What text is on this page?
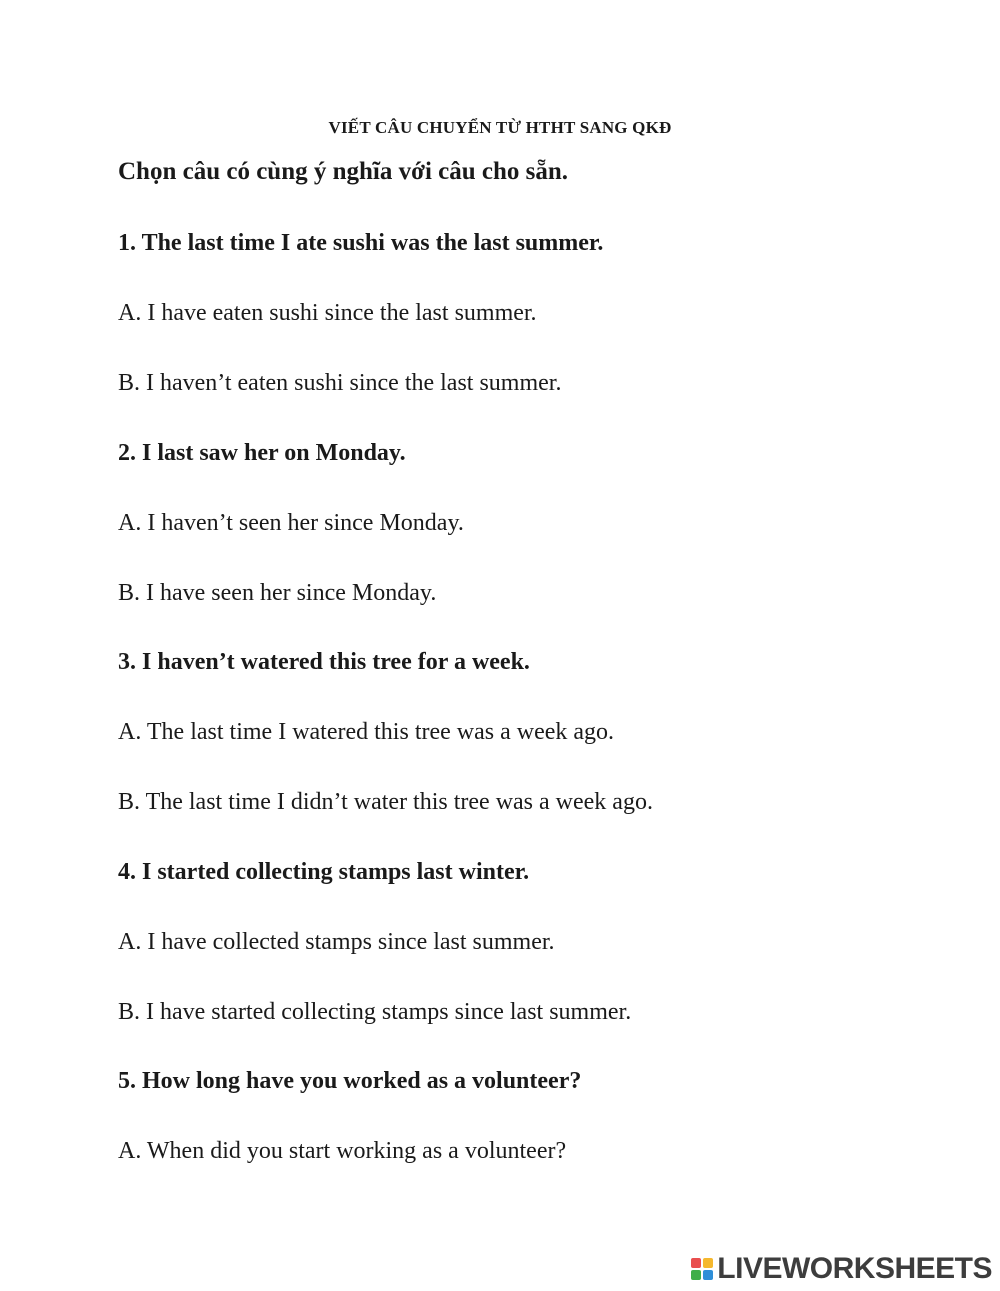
VIẾT CÂU CHUYỂN TỪ HTHT SANG QKĐ
Chọn câu có cùng ý nghĩa với câu cho sẵn.
1. The last time I ate sushi was the last summer.
A. I have eaten sushi since the last summer.
B. I haven’t eaten sushi since the last summer.
2. I last saw her on Monday.
A. I haven’t seen her since Monday.
B. I have seen her since Monday.
3. I haven’t watered this tree for a week.
A. The last time I watered this tree was a week ago.
B. The last time I didn’t water this tree was a week ago.
4. I started collecting stamps last winter.
A. I have collected stamps since last summer.
B. I have started collecting stamps since last summer.
5. How long have you worked as a volunteer?
A. When did you start working as a volunteer?
LIVEWORKSHEETS
